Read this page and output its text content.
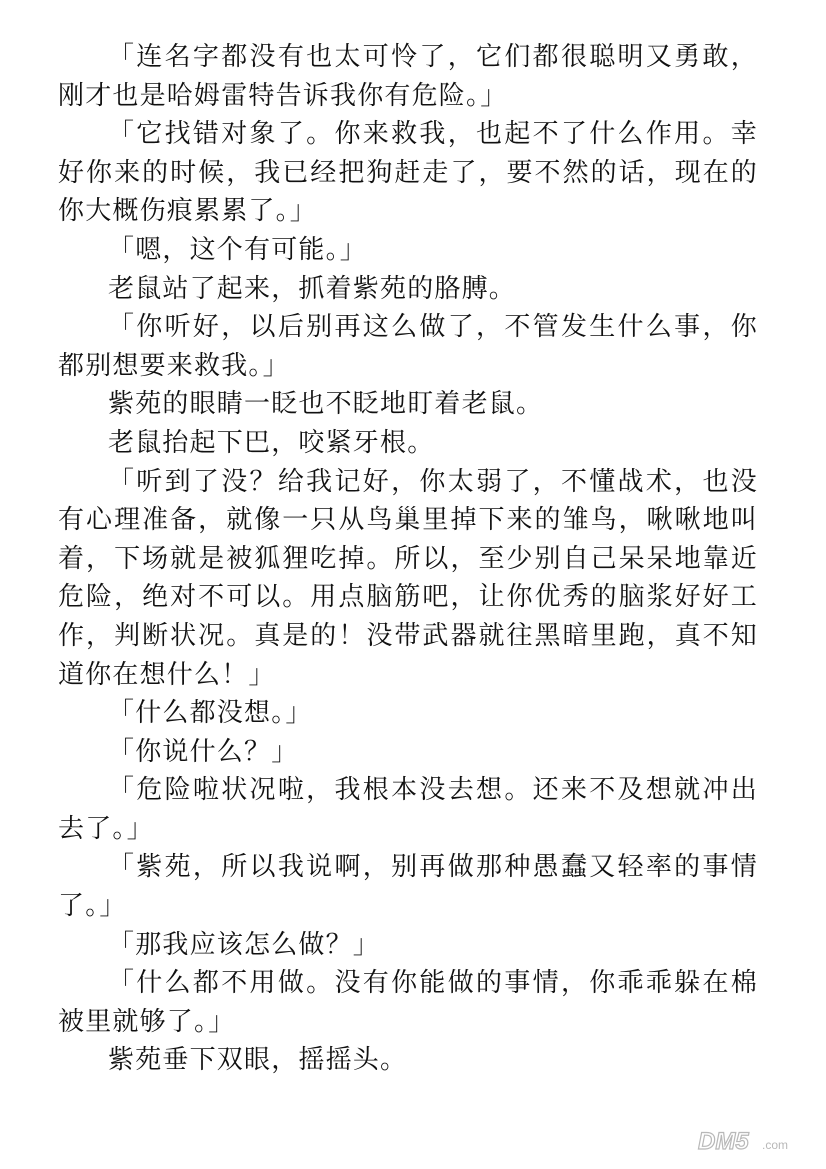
「连名字都没有也太可怜了，它们都很聪明又勇敢，刚才也是哈姆雷特告诉我你有危险。」

「它找错对象了。你来救我，也起不了什么作用。幸好你来的时候，我已经把狗赶走了，要不然的话，现在的你大概伤痕累累了。」

「嗯，这个有可能。」

老鼠站了起来，抓着紫苑的胳膊。

「你听好，以后别再这么做了，不管发生什么事，你都别想要来救我。」

紫苑的眼睛一眨也不眨地盯着老鼠。

老鼠抬起下巴，咬紧牙根。

「听到了没？给我记好，你太弱了，不懂战术，也没有心理准备，就像一只从鸟巢里掉下来的雏鸟，啾啾地叫着，下场就是被狐狸吃掉。所以，至少别自己呆呆地靠近危险，绝对不可以。用点脑筋吧，让你优秀的脑浆好好工作，判断状况。真是的！没带武器就往黑暗里跑，真不知道你在想什么！」

「什么都没想。」

「你说什么？」

「危险啦状况啦，我根本没去想。还来不及想就冲出去了。」

「紫苑，所以我说啊，别再做那种愚蠢又轻率的事情了。」

「那我应该怎么做？」

「什么都不用做。没有你能做的事情，你乖乖躲在棉被里就够了。」

紫苑垂下双眼，摇摇头。

DM5 .com
